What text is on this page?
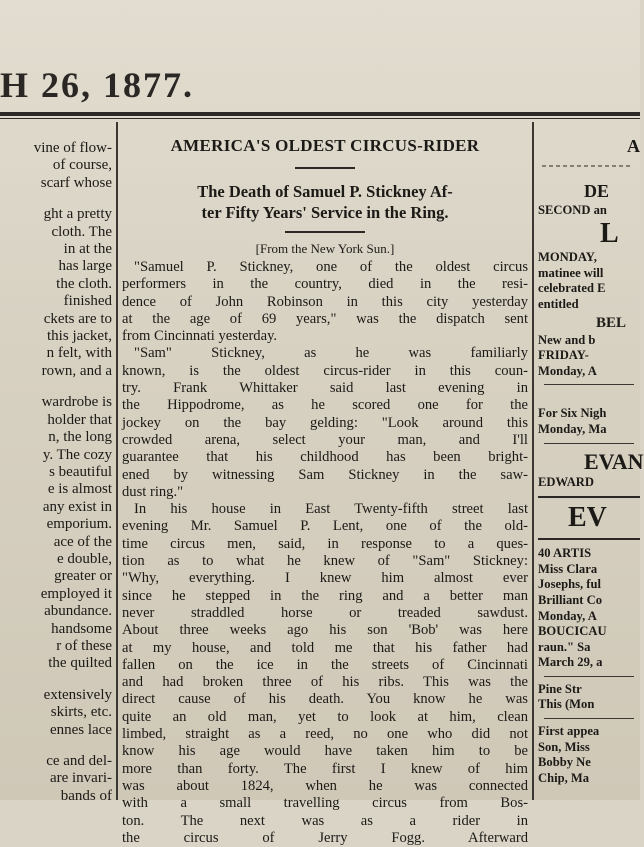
H 26, 1877.
vine of flow-
of course,
scarf whose
ght a pretty
cloth. The
in at the
has large
the cloth.
finished
ckets are to
this jacket,
n felt, with
rown, and a
wardrobe is
holder that
n, the long
y. The cozy
s beautiful
e is almost
any exist in
emporium.
ace of the
e double,
greater or
employed it
abundance.
handsome
r of these
the quilted
extensively
skirts, etc.
ennes lace
ce and del-
are invari-
bands of
AMERICA'S OLDEST CIRCUS-RIDER
The Death of Samuel P. Stickney Af-
ter Fifty Years' Service in the Ring.
[From the New York Sun.]
"Samuel P. Stickney, one of the oldest circus
performers in the country, died in the resi-
dence of John Robinson in this city yesterday
at the age of 69 years," was the dispatch sent
from Cincinnati yesterday.
"Sam" Stickney, as he was familiarly
known, is the oldest circus-rider in this coun-
try. Frank Whittaker said last evening in
the Hippodrome, as he scored one for the
jockey on the bay gelding: "Look around this
crowded arena, select your man, and I'll
guarantee that his childhood has been bright-
ened by witnessing Sam Stickney in the saw-
dust ring."
In his house in East Twenty-fifth street last
evening Mr. Samuel P. Lent, one of the old-
time circus men, said, in response to a ques-
tion as to what he knew of "Sam" Stickney:
"Why, everything. I knew him almost ever
since he stepped in the ring and a better man
never straddled horse or treaded sawdust.
About three weeks ago his son 'Bob' was here
at my house, and told me that his father had
fallen on the ice in the streets of Cincinnati
and had broken three of his ribs. This was the
direct cause of his death. You know he was
quite an old man, yet to look at him, clean
limbed, straight as a reed, no one who did not
know his age would have taken him to be
more than forty. The first I knew of him
was about 1824, when he was connected
with a small travelling circus from Bos-
ton. The next was as a rider in
the circus of Jerry Fogg. Afterward
A
DE
SECOND an
L
MONDAY,
matinee will
celebrated E
entitled
BEL
New and b
FRIDAY-
Monday, A
For Six Nigh
Monday, Ma
EVAN
EDWARD
EV
40 ARTIS
Miss Clara
Josephs, ful
Brilliant Co
Monday, A
BOUCICAU
raun." Sa
March 29, a
Pine Str
This (Mon
First appea
Son, Miss
Bobby Ne
Chip, Ma
